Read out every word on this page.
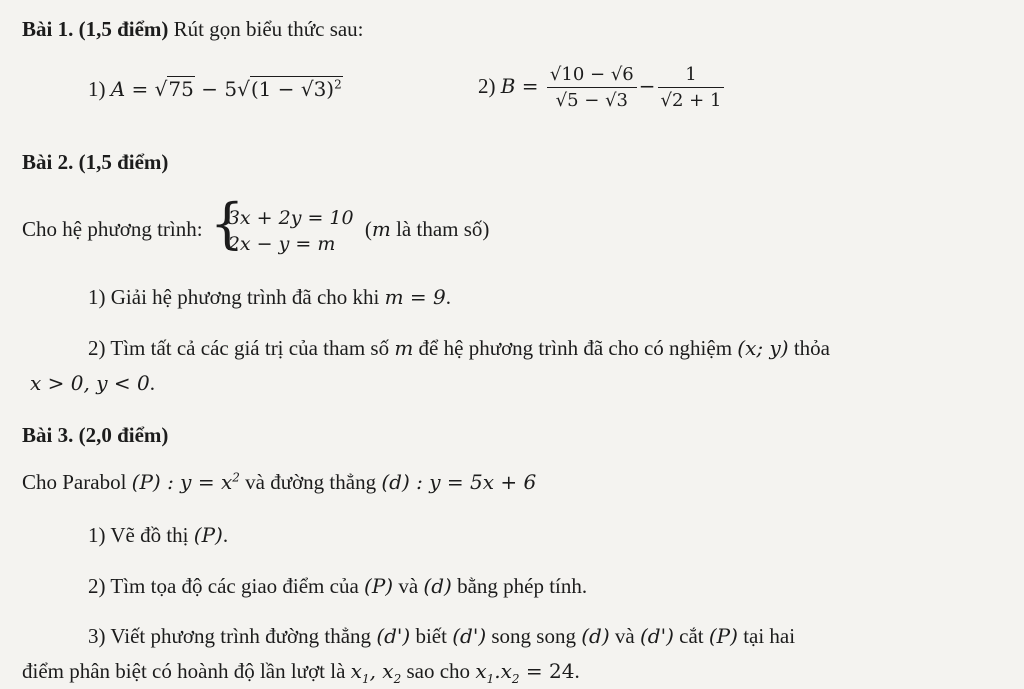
Bài 1. (1,5 điểm) Rút gọn biểu thức sau:
1) $A = √75 - 5√(1 - √3)^2$	2) $B = \frac{√10 - √6}{√5 - √3} - \frac{1}{√2 + 1}$
Bài 2. (1,5 điểm)
Cho hệ phương trình: {
3x + 2y = 10
2x − y = m
(m là tham số)
1) Giải hệ phương trình đã cho khi m = 9.
2) Tìm tất cả các giá trị của tham số m để hệ phương trình đã cho có nghiệm (x; y) thỏa
x > 0, y < 0.
Bài 3. (2,0 điểm)
Cho Parabol (P) : $y = x^2$ và đường thẳng (d) : y = 5x + 6
1) Vẽ đồ thị (P).
2) Tìm tọa độ các giao điểm của (P) và (d) bằng phép tính.
3) Viết phương trình đường thẳng (d') biết (d') song song (d) và (d') cắt (P) tại hai
điểm phân biệt có hoành độ lần lượt là $x_1$, $x_2$ sao cho $x_1.x_2 = 24$.
